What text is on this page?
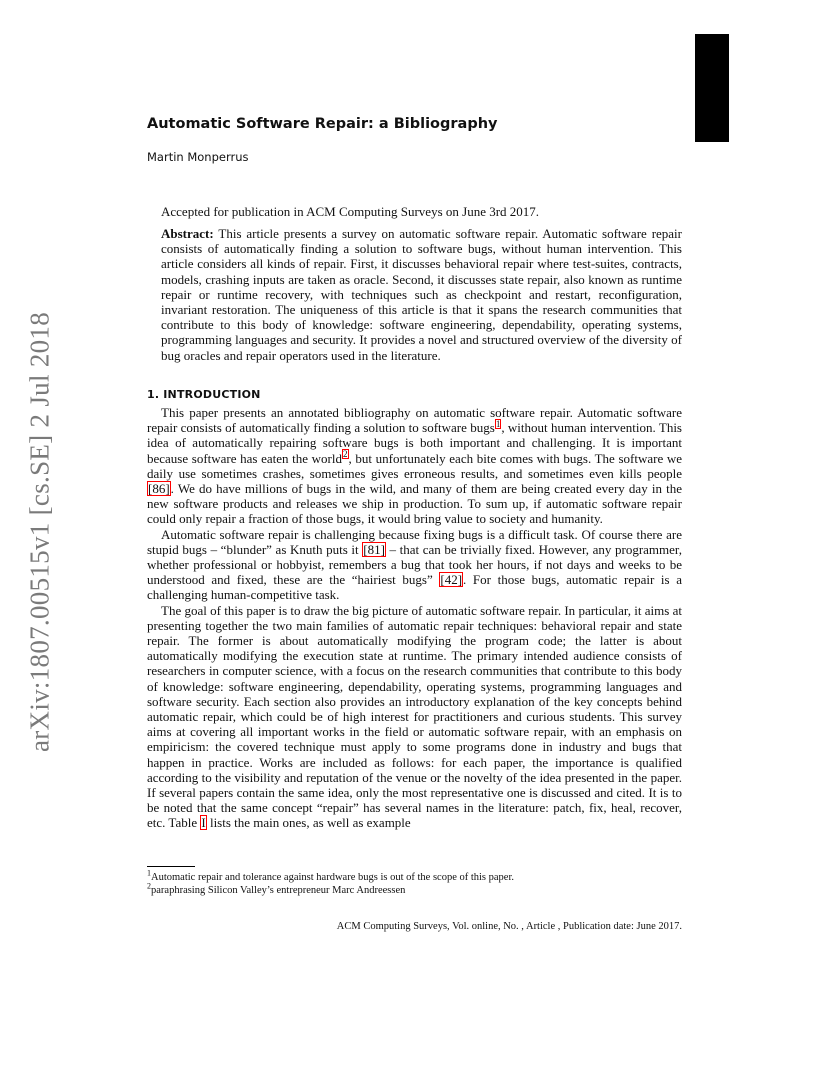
arXiv:1807.00515v1 [cs.SE] 2 Jul 2018
Automatic Software Repair: a Bibliography
Martin Monperrus
Accepted for publication in ACM Computing Surveys on June 3rd 2017.

Abstract: This article presents a survey on automatic software repair. Automatic software repair consists of automatically finding a solution to software bugs, without human intervention. This article considers all kinds of repair. First, it discusses behavioral repair where test-suites, contracts, models, crashing inputs are taken as oracle. Second, it discusses state repair, also known as runtime repair or runtime recovery, with techniques such as checkpoint and restart, reconfiguration, invariant restoration. The uniqueness of this article is that it spans the research communities that contribute to this body of knowledge: software engineering, dependability, operating systems, programming languages and security. It provides a novel and structured overview of the diversity of bug oracles and repair operators used in the literature.

1. INTRODUCTION

This paper presents an annotated bibliography on automatic software repair. Automatic software repair consists of automatically finding a solution to software bugs$^1$, without human intervention. This idea of automatically repairing software bugs is both important and challenging. It is important because software has eaten the world$^2$, but unfortunately each bite comes with bugs. The software we daily use sometimes crashes, sometimes gives erroneous results, and sometimes even kills people [86]. We do have millions of bugs in the wild, and many of them are being created every day in the new software products and releases we ship in production. To sum up, if automatic software repair could only repair a fraction of those bugs, it would bring value to society and humanity.

Automatic software repair is challenging because fixing bugs is a difficult task. Of course there are stupid bugs – “blunder” as Knuth puts it [81] – that can be trivially fixed. However, any programmer, whether professional or hobbyist, remembers a bug that took her hours, if not days and weeks to be understood and fixed, these are the “hairiest bugs” [42]. For those bugs, automatic repair is a challenging human-competitive task.

The goal of this paper is to draw the big picture of automatic software repair. In particular, it aims at presenting together the two main families of automatic repair techniques: behavioral repair and state repair. The former is about automatically modifying the program code; the latter is about automatically modifying the execution state at runtime. The primary intended audience consists of researchers in computer science, with a focus on the research communities that contribute to this body of knowledge: software engineering, dependability, operating systems, programming languages and software security. Each section also provides an introductory explanation of the key concepts behind automatic repair, which could be of high interest for practitioners and curious students. This survey aims at covering all important works in the field or automatic software repair, with an emphasis on empiricism: the covered technique must apply to some programs done in industry and bugs that happen in practice. Works are included as follows: for each paper, the importance is qualified according to the visibility and reputation of the venue or the novelty of the idea presented in the paper. If several papers contain the same idea, only the most representative one is discussed and cited. It is to be noted that the same concept “repair” has several names in the literature: patch, fix, heal, recover, etc. Table I lists the main ones, as well as example

$^1$Automatic repair and tolerance against hardware bugs is out of the scope of this paper.
$^2$paraphrasing Silicon Valley’s entrepreneur Marc Andreessen
ACM Computing Surveys, Vol. online, No. , Article , Publication date: June 2017.
